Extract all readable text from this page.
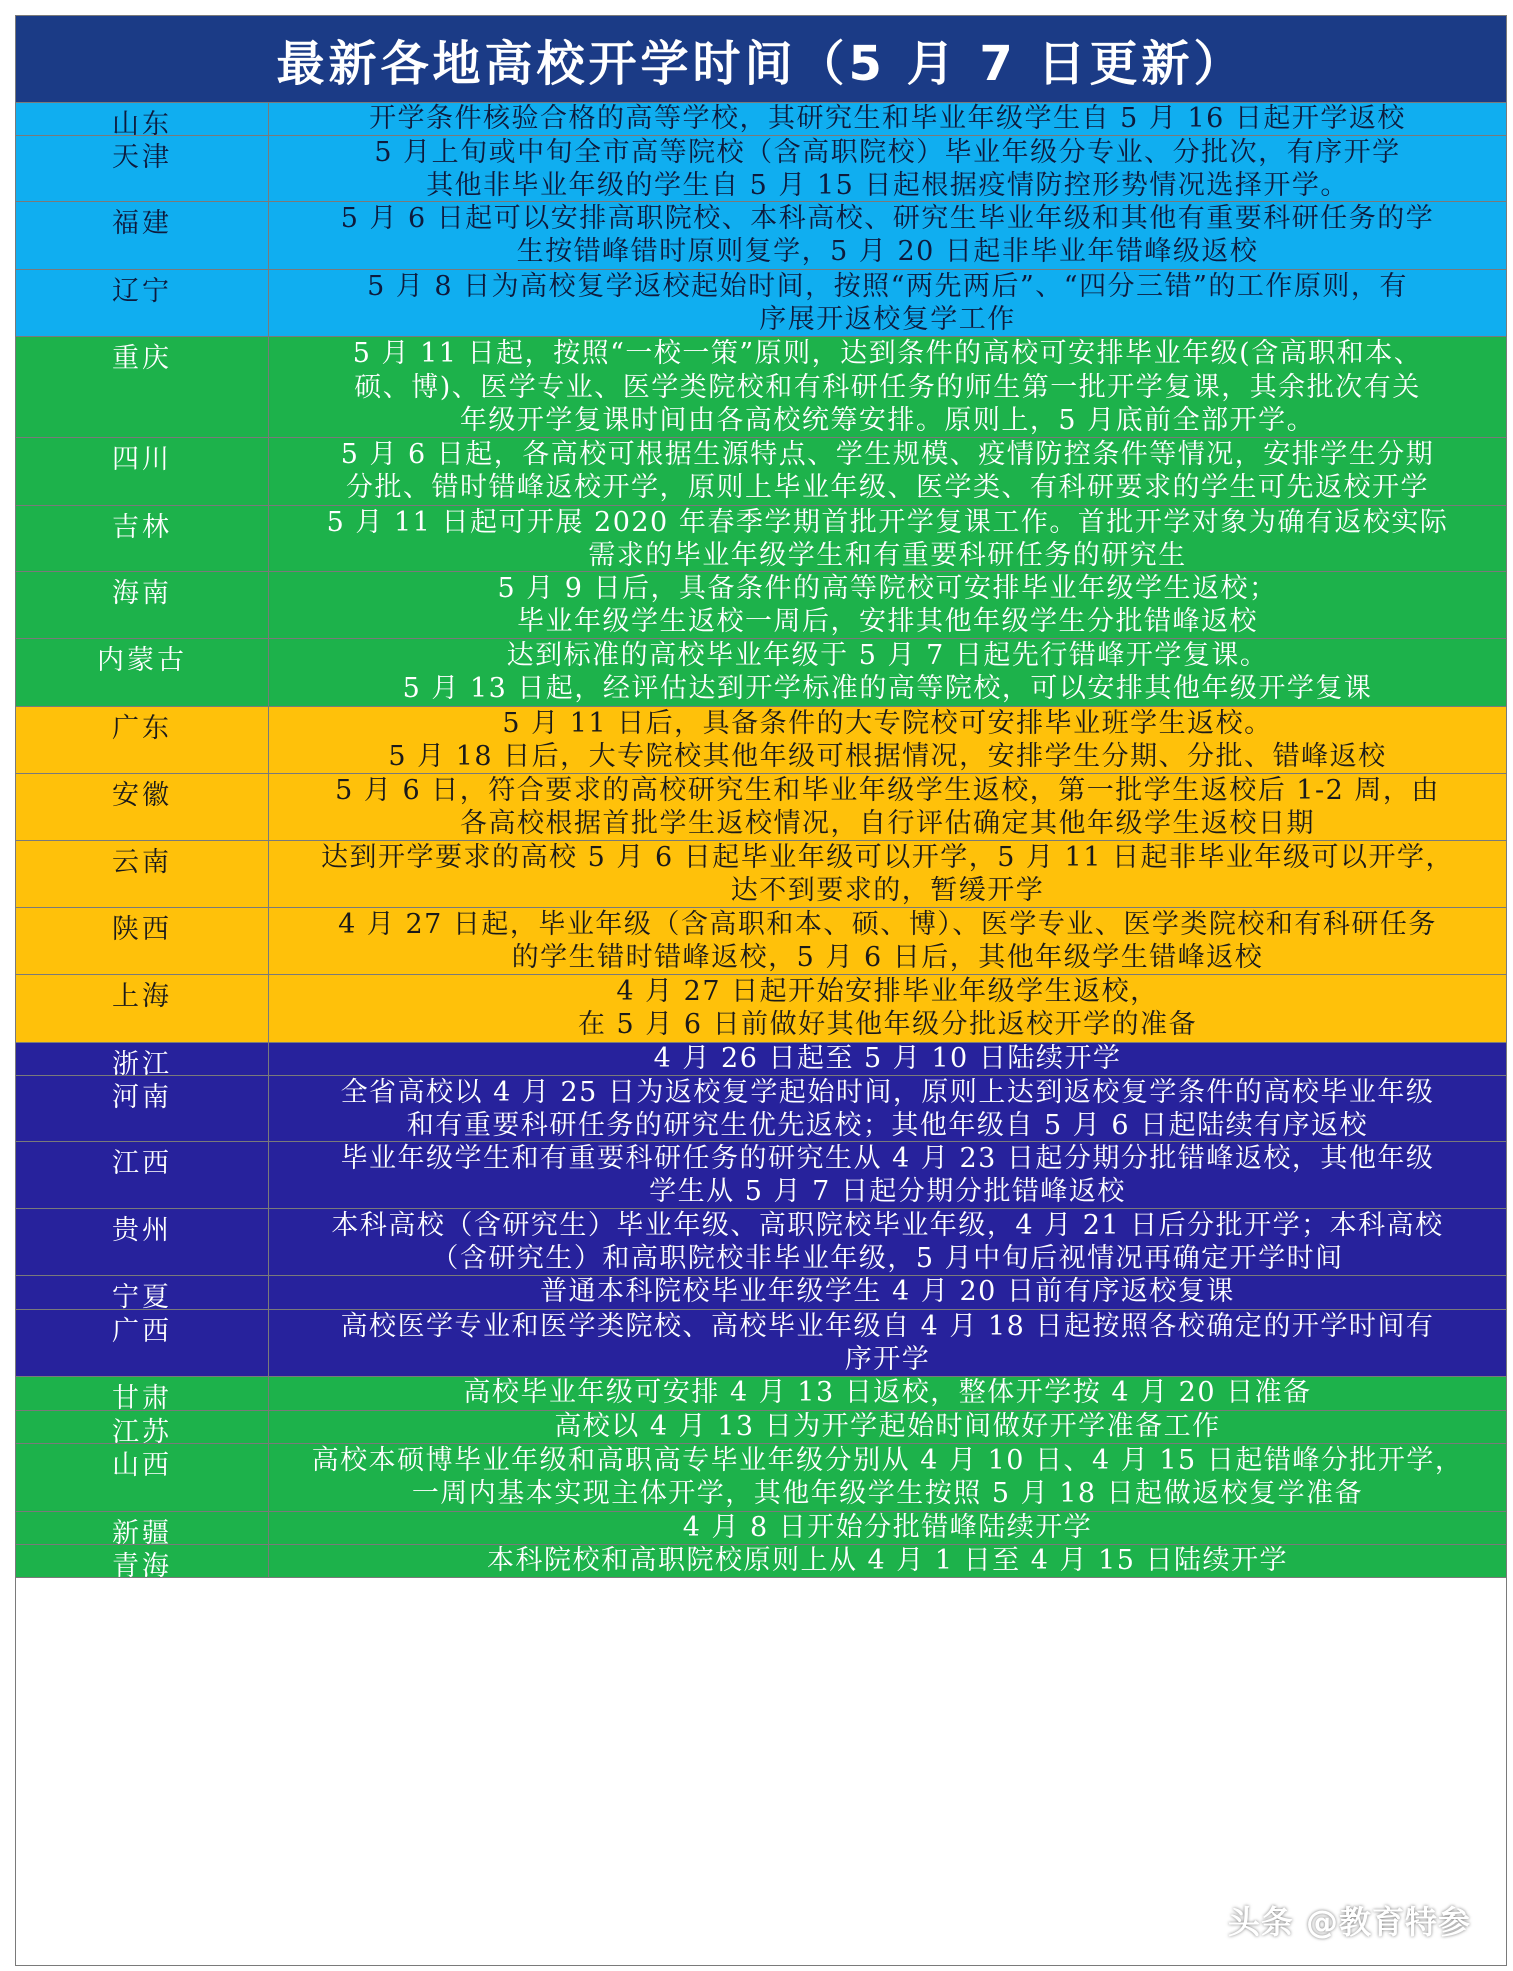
最新各地高校开学时间（5 月 7 日更新）
山东	开学条件核验合格的高等学校，其研究生和毕业年级学生自 5 月 16 日起开学返校
天津	5 月上旬或中旬全市高等院校（含高职院校）毕业年级分专业、分批次，有序开学
其他非毕业年级的学生自 5 月 15 日起根据疫情防控形势情况选择开学。
福建	5 月 6 日起可以安排高职院校、本科高校、研究生毕业年级和其他有重要科研任务的学
生按错峰错时原则复学，5 月 20 日起非毕业年错峰级返校
辽宁	5 月 8 日为高校复学返校起始时间，按照“两先两后”、“四分三错”的工作原则，有
序展开返校复学工作
重庆	5 月 11 日起，按照“一校一策”原则，达到条件的高校可安排毕业年级(含高职和本、
硕、博)、医学专业、医学类院校和有科研任务的师生第一批开学复课，其余批次有关
年级开学复课时间由各高校统筹安排。原则上，5 月底前全部开学。
四川	5 月 6 日起，各高校可根据生源特点、学生规模、疫情防控条件等情况，安排学生分期
分批、错时错峰返校开学，原则上毕业年级、医学类、有科研要求的学生可先返校开学
吉林	5 月 11 日起可开展 2020 年春季学期首批开学复课工作。首批开学对象为确有返校实际
需求的毕业年级学生和有重要科研任务的研究生
海南	5 月 9 日后，具备条件的高等院校可安排毕业年级学生返校；
毕业年级学生返校一周后，安排其他年级学生分批错峰返校
内蒙古	达到标准的高校毕业年级于 5 月 7 日起先行错峰开学复课。
5 月 13 日起，经评估达到开学标准的高等院校，可以安排其他年级开学复课
广东	5 月 11 日后，具备条件的大专院校可安排毕业班学生返校。
5 月 18 日后，大专院校其他年级可根据情况，安排学生分期、分批、错峰返校
安徽	5 月 6 日，符合要求的高校研究生和毕业年级学生返校，第一批学生返校后 1-2 周，由
各高校根据首批学生返校情况，自行评估确定其他年级学生返校日期
云南	达到开学要求的高校 5 月 6 日起毕业年级可以开学，5 月 11 日起非毕业年级可以开学，
达不到要求的，暂缓开学
陕西	4 月 27 日起，毕业年级（含高职和本、硕、博）、医学专业、医学类院校和有科研任务
的学生错时错峰返校，5 月 6 日后，其他年级学生错峰返校
上海	4 月 27 日起开始安排毕业年级学生返校，
在 5 月 6 日前做好其他年级分批返校开学的准备
浙江	4 月 26 日起至 5 月 10 日陆续开学
河南	全省高校以 4 月 25 日为返校复学起始时间，原则上达到返校复学条件的高校毕业年级
和有重要科研任务的研究生优先返校；其他年级自 5 月 6 日起陆续有序返校
江西	毕业年级学生和有重要科研任务的研究生从 4 月 23 日起分期分批错峰返校，其他年级
学生从 5 月 7 日起分期分批错峰返校
贵州	本科高校（含研究生）毕业年级、高职院校毕业年级，4 月 21 日后分批开学；本科高校
（含研究生）和高职院校非毕业年级，5 月中旬后视情况再确定开学时间
宁夏	普通本科院校毕业年级学生 4 月 20 日前有序返校复课
广西	高校医学专业和医学类院校、高校毕业年级自 4 月 18 日起按照各校确定的开学时间有
序开学
甘肃	高校毕业年级可安排 4 月 13 日返校，整体开学按 4 月 20 日准备
江苏	高校以 4 月 13 日为开学起始时间做好开学准备工作
山西	高校本硕博毕业年级和高职高专毕业年级分别从 4 月 10 日、4 月 15 日起错峰分批开学，
一周内基本实现主体开学，其他年级学生按照 5 月 18 日起做返校复学准备
新疆	4 月 8 日开始分批错峰陆续开学
青海	本科院校和高职院校原则上从 4 月 1 日至 4 月 15 日陆续开学
头条 @教育特参
